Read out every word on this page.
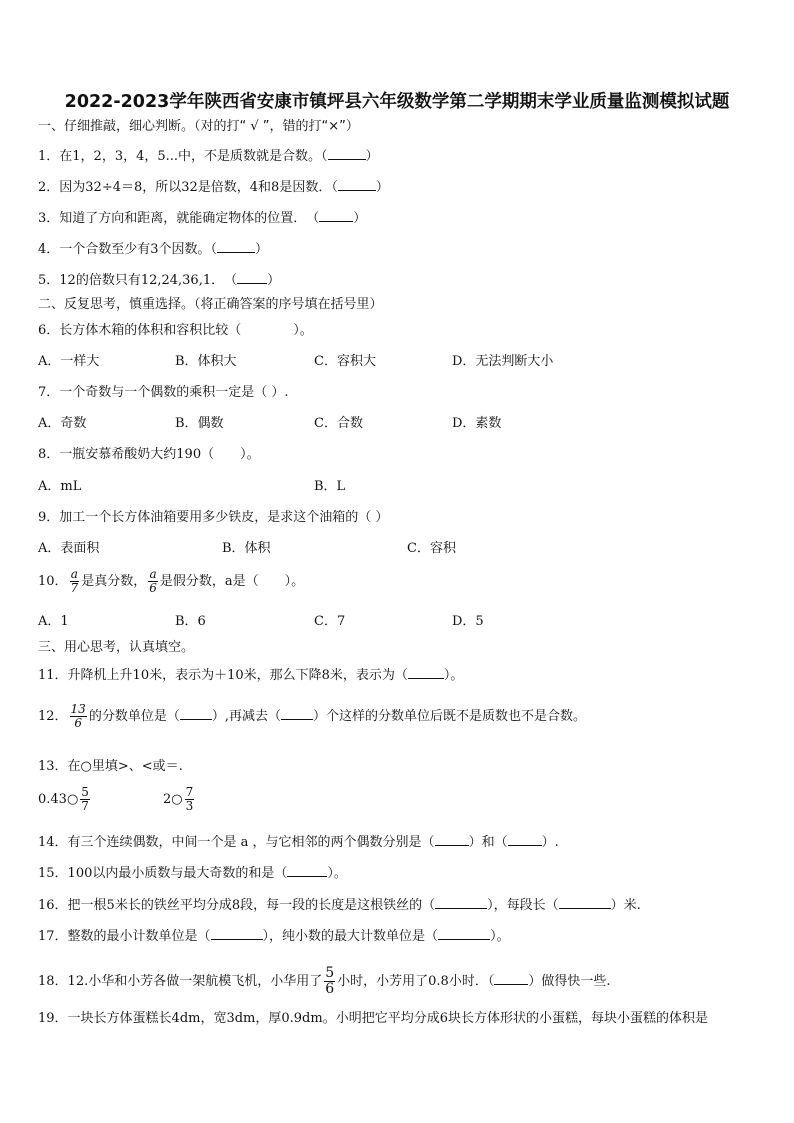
2022-2023学年陕西省安康市镇坪县六年级数学第二学期期末学业质量监测模拟试题
一、仔细推敲，细心判断。（对的打“ √ ”，错的打“×”）
1．在1，2，3，4，5...中，不是质数就是合数。（	）
2．因为32÷4＝8，所以32是倍数，4和8是因数．（	）
3．知道了方向和距离，就能确定物体的位置．　（	）
4．一个合数至少有3个因数。（	）
5．12的倍数只有12,24,36,1．　（ ）
二、反复思考，慎重选择。（将正确答案的序号填在括号里）
6．长方体木箱的体积和容积比较（　　　　）。
A．一样大	B．体积大	C．容积大	D．无法判断大小
7．一个奇数与一个偶数的乘积一定是（ ）.
A．奇数	B．偶数	C．合数	D．素数
8．一瓶安慕希酸奶大约190（　　）。
A．mL	B．L
9．加工一个长方体油箱要用多少铁皮，是求这个油箱的（ ）
A．表面积	B．体积	C．容积
10． $\frac{a}{7}$ 是真分数， $\frac{a}{6}$ 是假分数，a是（　　）。
A．1	B．6	C．7	D．5
三、用心思考，认真填空。
11．升降机上升10米，表示为＋10米，那么下降8米，表示为（	）。
12． $\frac{13}{6}$ 的分数单位是（ ）,再减去（ ）个这样的分数单位后既不是质数也不是合数。
13．在○里填>、<或＝.
0.43○ $\frac{5}{7}$	2○ $\frac{7}{3}$
14．有三个连续偶数，中间一个是 a ，与它相邻的两个偶数分别是（	）和（	）.
15．100以内最小质数与最大奇数的和是（	）。
16．把一根5米长的铁丝平均分成8段，每一段的长度是这根铁丝的（	），每段长（	）米.
17．整数的最小计数单位是（	），纯小数的最大计数单位是（	）。
18．12.小华和小芳各做一架航模飞机，小华用了 $\frac{5}{6}$ 小时，小芳用了0.8小时．（	）做得快一些.
19．一块长方体蛋糕长4dm，宽3dm，厚0.9dm。小明把它平均分成6块长方体形状的小蛋糕，每块小蛋糕的体积是
